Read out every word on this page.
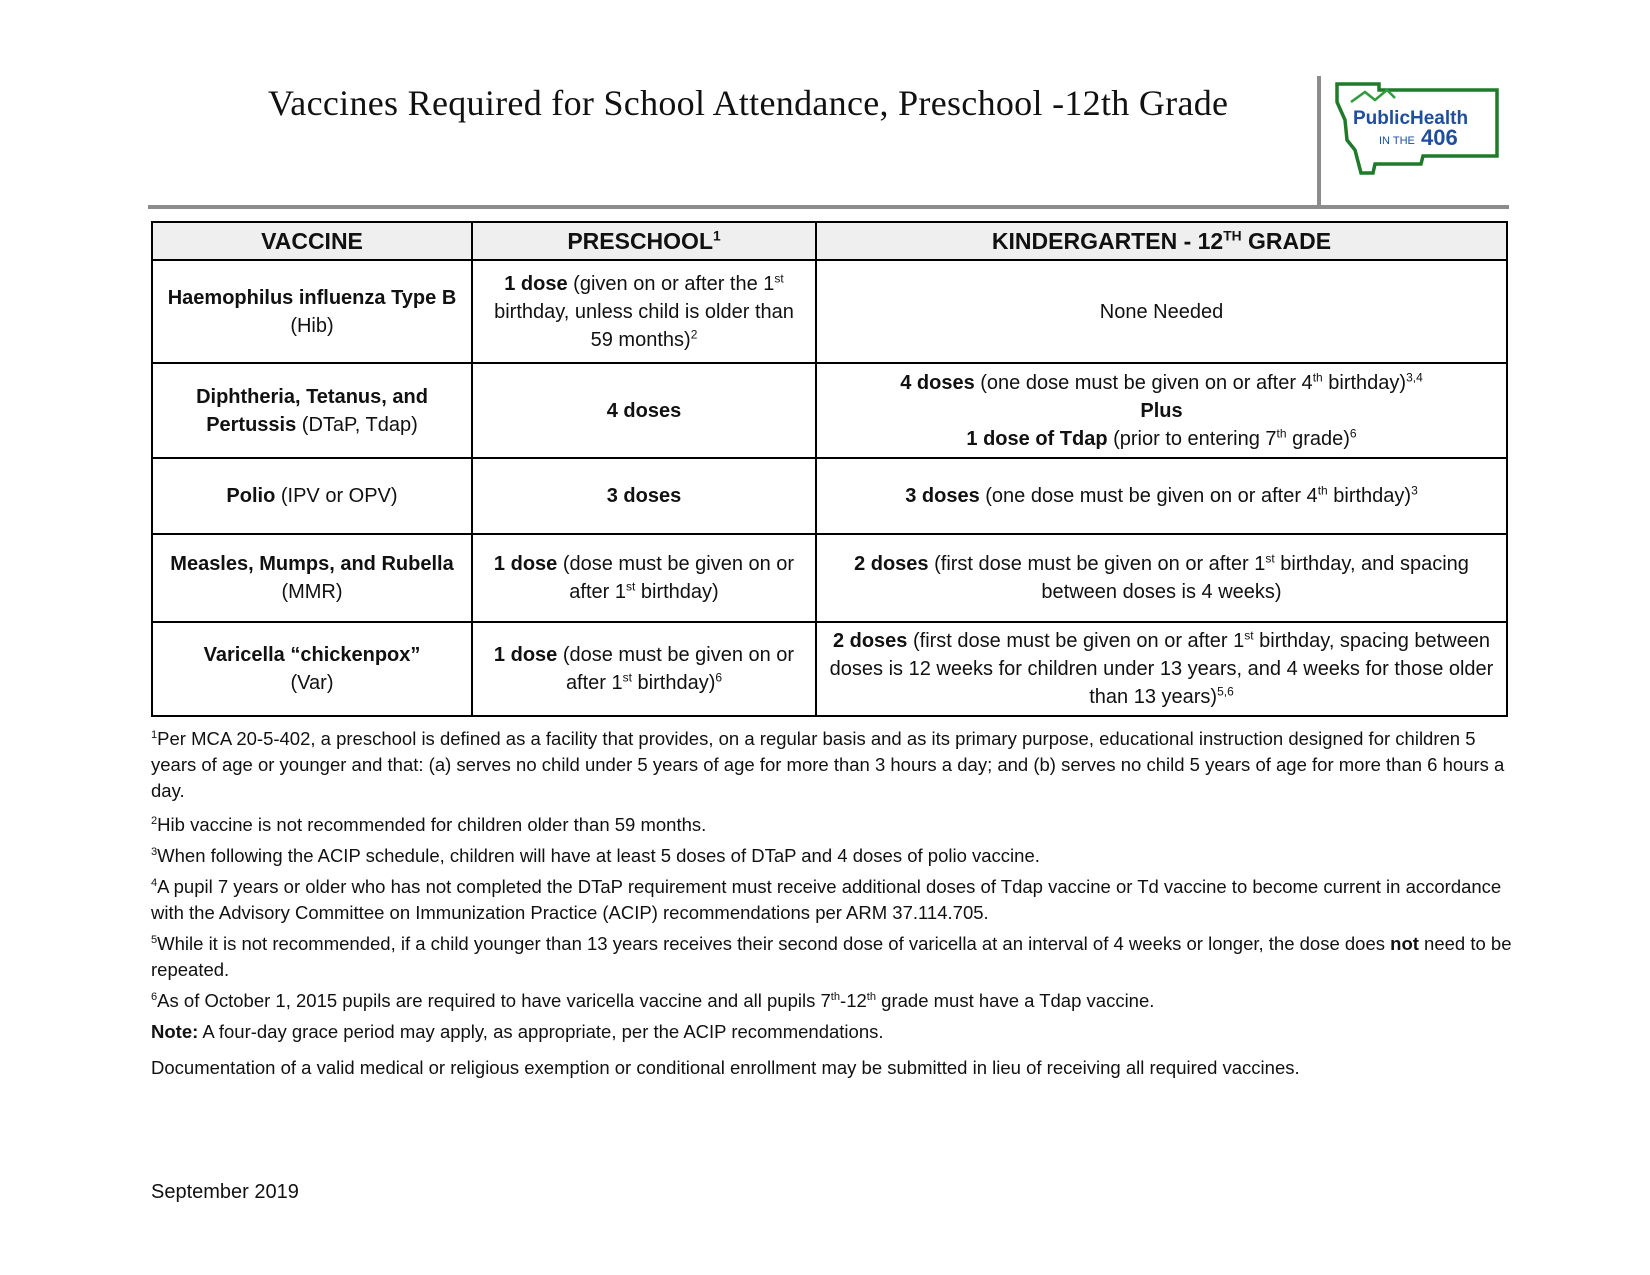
Vaccines Required for School Attendance, Preschool -12th Grade	PublicHealth
IN THE 406
VACCINE	PRESCHOOL$^1$	KINDERGARTEN - 12TH GRADE
Haemophilus influenza Type B
(Hib)	1 dose (given on or after the 1st birthday, unless child is older than 59 months)$^2$	None Needed
Diphtheria, Tetanus, and
Pertussis (DTaP, Tdap)	4 doses	4 doses (one dose must be given on or after 4th birthday)$^{3,4}$
Plus
1 dose of Tdap (prior to entering 7th grade)$^6$
Polio (IPV or OPV)	3 doses	3 doses (one dose must be given on or after 4th birthday)$^3$
Measles, Mumps, and Rubella
(MMR)	1 dose (dose must be given on or after 1st birthday)	2 doses (first dose must be given on or after 1st birthday, and spacing between doses is 4 weeks)
Varicella “chickenpox”
(Var)	1 dose (dose must be given on or after 1st birthday)$^6$	2 doses (first dose must be given on or after 1st birthday, spacing between doses is 12 weeks for children under 13 years, and 4 weeks for those older than 13 years)$^{5,6}$

$^1$Per MCA 20-5-402, a preschool is defined as a facility that provides, on a regular basis and as its primary purpose, educational instruction designed for children 5 years of age or younger and that: (a) serves no child under 5 years of age for more than 3 hours a day; and (b) serves no child 5 years of age for more than 6 hours a day.

$^2$Hib vaccine is not recommended for children older than 59 months.

$^3$When following the ACIP schedule, children will have at least 5 doses of DTaP and 4 doses of polio vaccine.

$^4$A pupil 7 years or older who has not completed the DTaP requirement must receive additional doses of Tdap vaccine or Td vaccine to become current in accordance with the Advisory Committee on Immunization Practice (ACIP) recommendations per ARM 37.114.705.

$^5$While it is not recommended, if a child younger than 13 years receives their second dose of varicella at an interval of 4 weeks or longer, the dose does not need to be repeated.

$^6$As of October 1, 2015 pupils are required to have varicella vaccine and all pupils 7th-12th grade must have a Tdap vaccine.

Note: A four-day grace period may apply, as appropriate, per the ACIP recommendations.

Documentation of a valid medical or religious exemption or conditional enrollment may be submitted in lieu of receiving all required vaccines.

September 2019
